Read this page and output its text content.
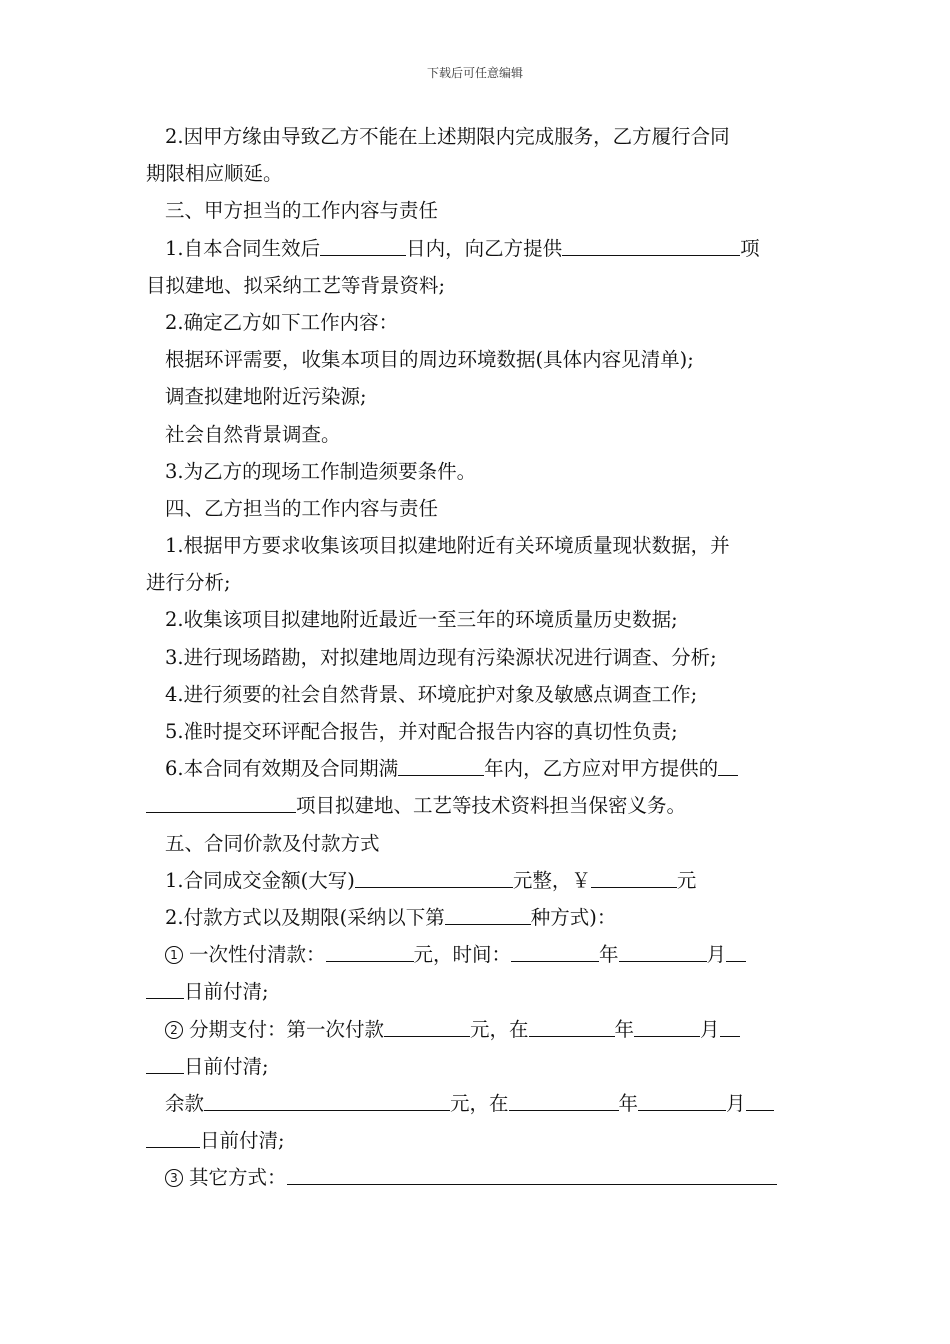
下载后可任意编辑
2.因甲方缘由导致乙方不能在上述期限内完成服务，乙方履行合同
期限相应顺延。
三、甲方担当的工作内容与责任
1.自本合同生效后	日内，向乙方提供	项
目拟建地、拟采纳工艺等背景资料;
2.确定乙方如下工作内容：
根据环评需要，收集本项目的周边环境数据(具体内容见清单);
调查拟建地附近污染源;
社会自然背景调查。
3.为乙方的现场工作制造须要条件。
四、乙方担当的工作内容与责任
1.根据甲方要求收集该项目拟建地附近有关环境质量现状数据，并
进行分析;
2.收集该项目拟建地附近最近一至三年的环境质量历史数据;
3.进行现场踏勘，对拟建地周边现有污染源状况进行调查、分析;
4.进行须要的社会自然背景、环境庇护对象及敏感点调查工作;
5.准时提交环评配合报告，并对配合报告内容的真切性负责;
6.本合同有效期及合同期满	年内，乙方应对甲方提供的
项目拟建地、工艺等技术资料担当保密义务。
五、合同价款及付款方式
1.合同成交金额(大写)	元整，￥	元
2.付款方式以及期限(采纳以下第	种方式)：
1 一次性付清款：	元，时间：	年	月
日前付清;
2 分期支付：第一次付款	元，在	年	月
日前付清;
余款	元，在	年	月
日前付清;
3 其它方式：
